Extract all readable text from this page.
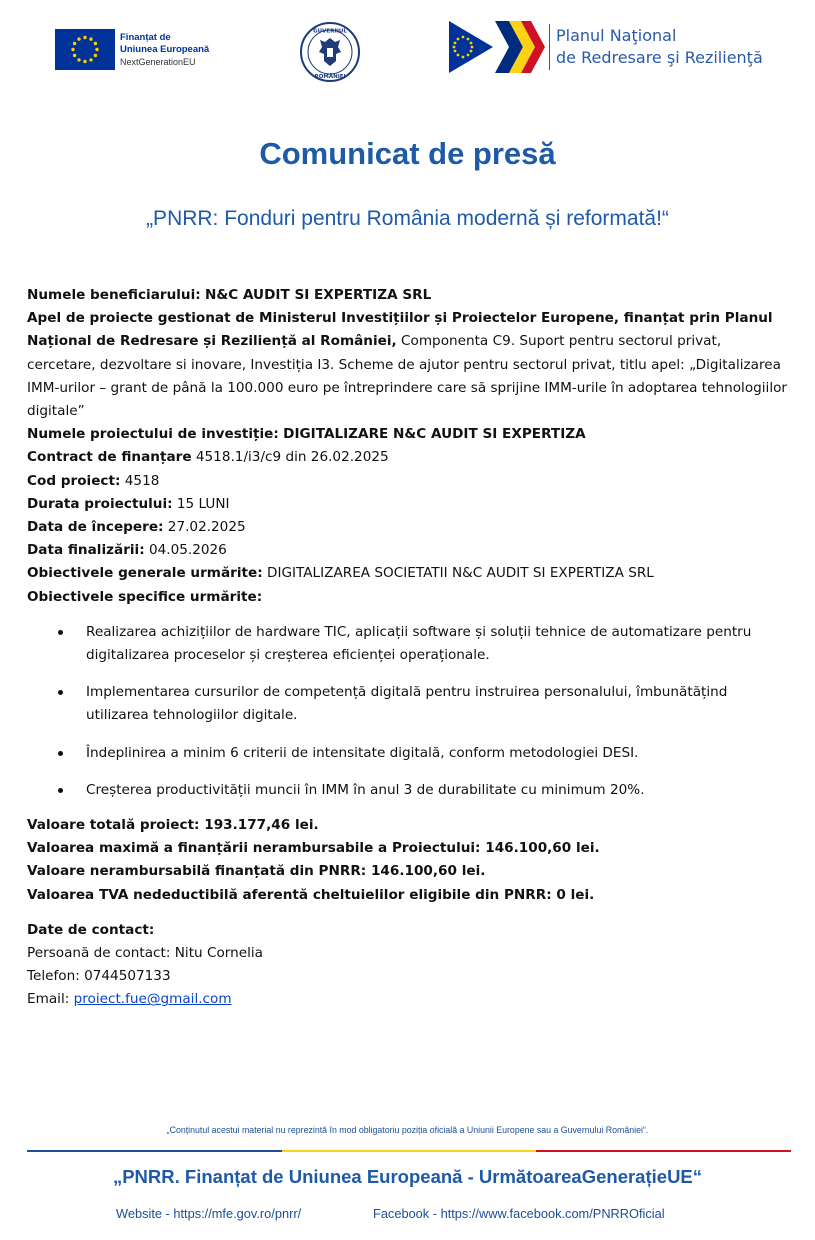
Finanțat de
Uniunea Europeană
NextGenerationEU
GUVERNUL
ROMÂNIEI
Planul Naţional
de Redresare şi Rezilienţă
Comunicat de presă
„PNRR: Fonduri pentru România modernă și reformată!“
Numele beneficiarului: N&C AUDIT SI EXPERTIZA SRL
Apel de proiecte gestionat de Ministerul Investițiilor și Proiectelor Europene, finanțat prin Planul Național de Redresare și Reziliență al României, Componenta C9. Suport pentru sectorul privat, cercetare, dezvoltare si inovare, Investiția I3. Scheme de ajutor pentru sectorul privat, titlu apel: „Digitalizarea IMM-urilor – grant de până la 100.000 euro pe întreprindere care să sprijine IMM-urile în adoptarea tehnologiilor digitale”
Numele proiectului de investiție: DIGITALIZARE N&C AUDIT SI EXPERTIZA
Contract de finanțare 4518.1/i3/c9 din 26.02.2025
Cod proiect: 4518
Durata proiectului: 15 LUNI
Data de începere: 27.02.2025
Data finalizării: 04.05.2026
Obiectivele generale urmărite: DIGITALIZAREA SOCIETATII N&C AUDIT SI EXPERTIZA SRL
Obiectivele specifice urmărite:
Realizarea achizițiilor de hardware TIC, aplicații software și soluții tehnice de automatizare pentru digitalizarea proceselor și creșterea eficienței operaționale.
Implementarea cursurilor de competență digitală pentru instruirea personalului, îmbunătățind utilizarea tehnologiilor digitale.
Îndeplinirea a minim 6 criterii de intensitate digitală, conform metodologiei DESI.
Creșterea productivității muncii în IMM în anul 3 de durabilitate cu minimum 20%.
Valoare totală proiect: 193.177,46 lei.
Valoarea maximă a finanțării nerambursabile a Proiectului: 146.100,60 lei.
Valoare nerambursabilă finanțată din PNRR: 146.100,60 lei.
Valoarea TVA nedeductibilă aferentă cheltuielilor eligibile din PNRR: 0 lei.
Date de contact:
Persoană de contact: Nitu Cornelia
Telefon: 0744507133
Email: proiect.fue@gmail.com
„Conținutul acestui material nu reprezintă în mod obligatoriu poziția oficială a Uniunii Europene sau a Guvernului României“.
„PNRR. Finanțat de Uniunea Europeană - UrmătoareaGenerațieUE“
Website - https://mfe.gov.ro/pnrr/	Facebook - https://www.facebook.com/PNRROficial
